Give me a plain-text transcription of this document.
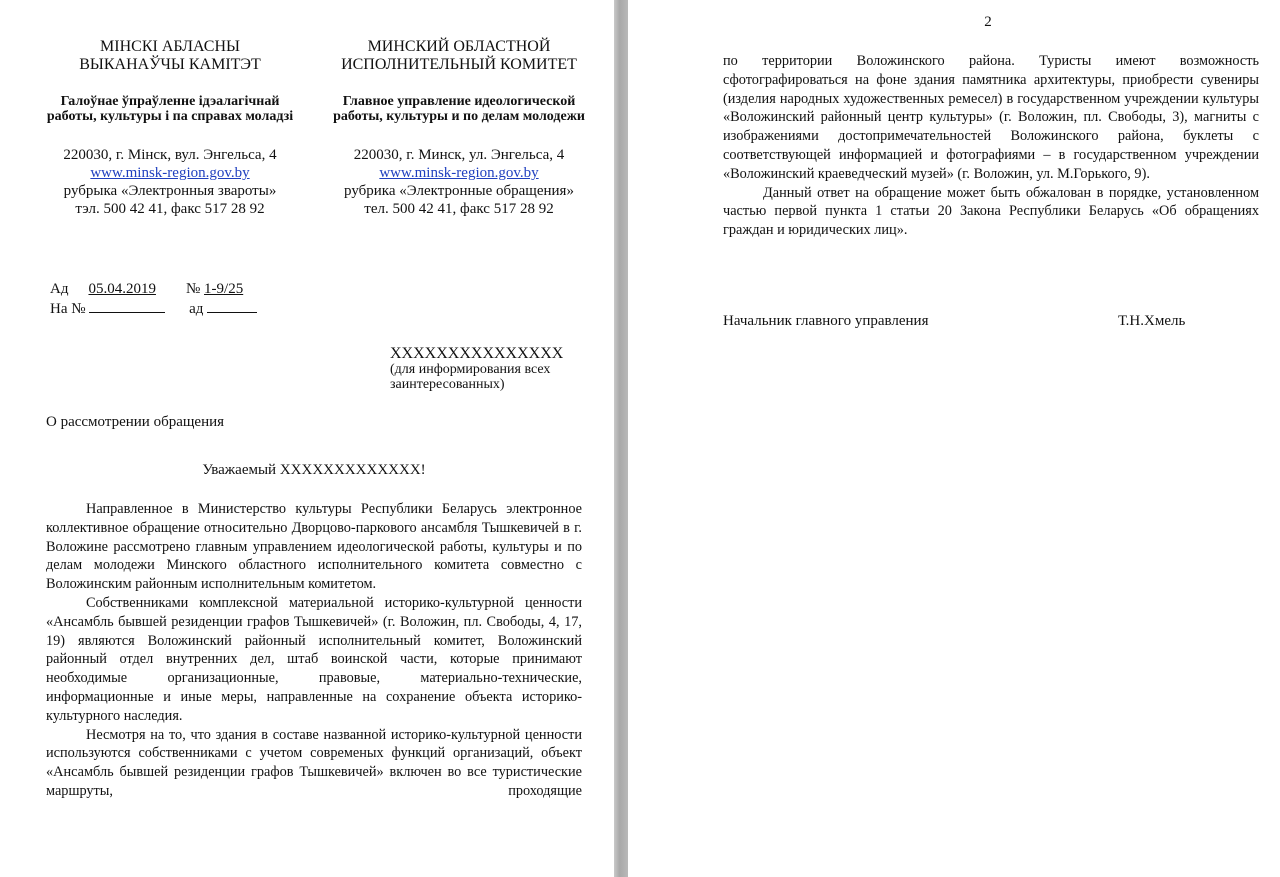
МІНСКІ АБЛАСНЫ
ВЫКАНАЎЧЫ КАМІТЭТ
Галоўнае ўпраўленне ідэалагічнай работы, культуры і па справах моладзі
220030, г. Мінск, вул. Энгельса, 4
www.minsk-region.gov.by
рубрыка «Электронныя звароты»
тэл. 500 42 41, факс 517 28 92
МИНСКИЙ ОБЛАСТНОЙ
ИСПОЛНИТЕЛЬНЫЙ КОМИТЕТ
Главное управление идеологической работы, культуры и по делам молодежи
220030, г. Минск, ул. Энгельса, 4
www.minsk-region.gov.by
рубрика «Электронные обращения»
тел. 500 42 41, факс 517 28 92
Ад 05.04.2019 № 1-9/25
На №	ад
XXXXXXXXXXXXXXX
(для информирования всех заинтересованных)
О рассмотрении обращения
Уважаемый XXXXXXXXXXXXX!

Направленное в Министерство культуры Республики Беларусь электронное коллективное обращение относительно Дворцово-паркового ансамбля Тышкевичей в г. Воложине рассмотрено главным управлением идеологической работы, культуры и по делам молодежи Минского областного исполнительного комитета совместно с Воложинским районным исполнительным комитетом.

Собственниками комплексной материальной историко-культурной ценности «Ансамбль бывшей резиденции графов Тышкевичей» (г. Воложин, пл. Свободы, 4, 17, 19) являются Воложинский районный исполнительный комитет, Воложинский районный отдел внутренних дел, штаб воинской части, которые принимают необходимые организационные, правовые, материально-технические, информационные и иные меры, направленные на сохранение объекта историко-культурного наследия.

Несмотря на то, что здания в составе названной историко-культурной ценности используются собственниками с учетом современых функций организаций, объект «Ансамбль бывшей резиденции графов Тышкевичей» включен во все туристические маршруты, проходящие

2

по территории Воложинского района. Туристы имеют возможность сфотографироваться на фоне здания памятника архитектуры, приобрести сувениры (изделия народных художественных ремесел) в государственном учреждении культуры «Воложинский районный центр культуры» (г. Воложин, пл. Свободы, 3), магниты с изображениями достопримечательностей Воложинского района, буклеты с соответствующей информацией и фотографиями – в государственном учреждении «Воложинский краеведческий музей» (г. Воложин, ул. М.Горького, 9).

Данный ответ на обращение может быть обжалован в порядке, установленном частью первой пункта 1 статьи 20 Закона Республики Беларусь «Об обращениях граждан и юридических лиц».

Начальник главного управления	Т.Н.Хмель
